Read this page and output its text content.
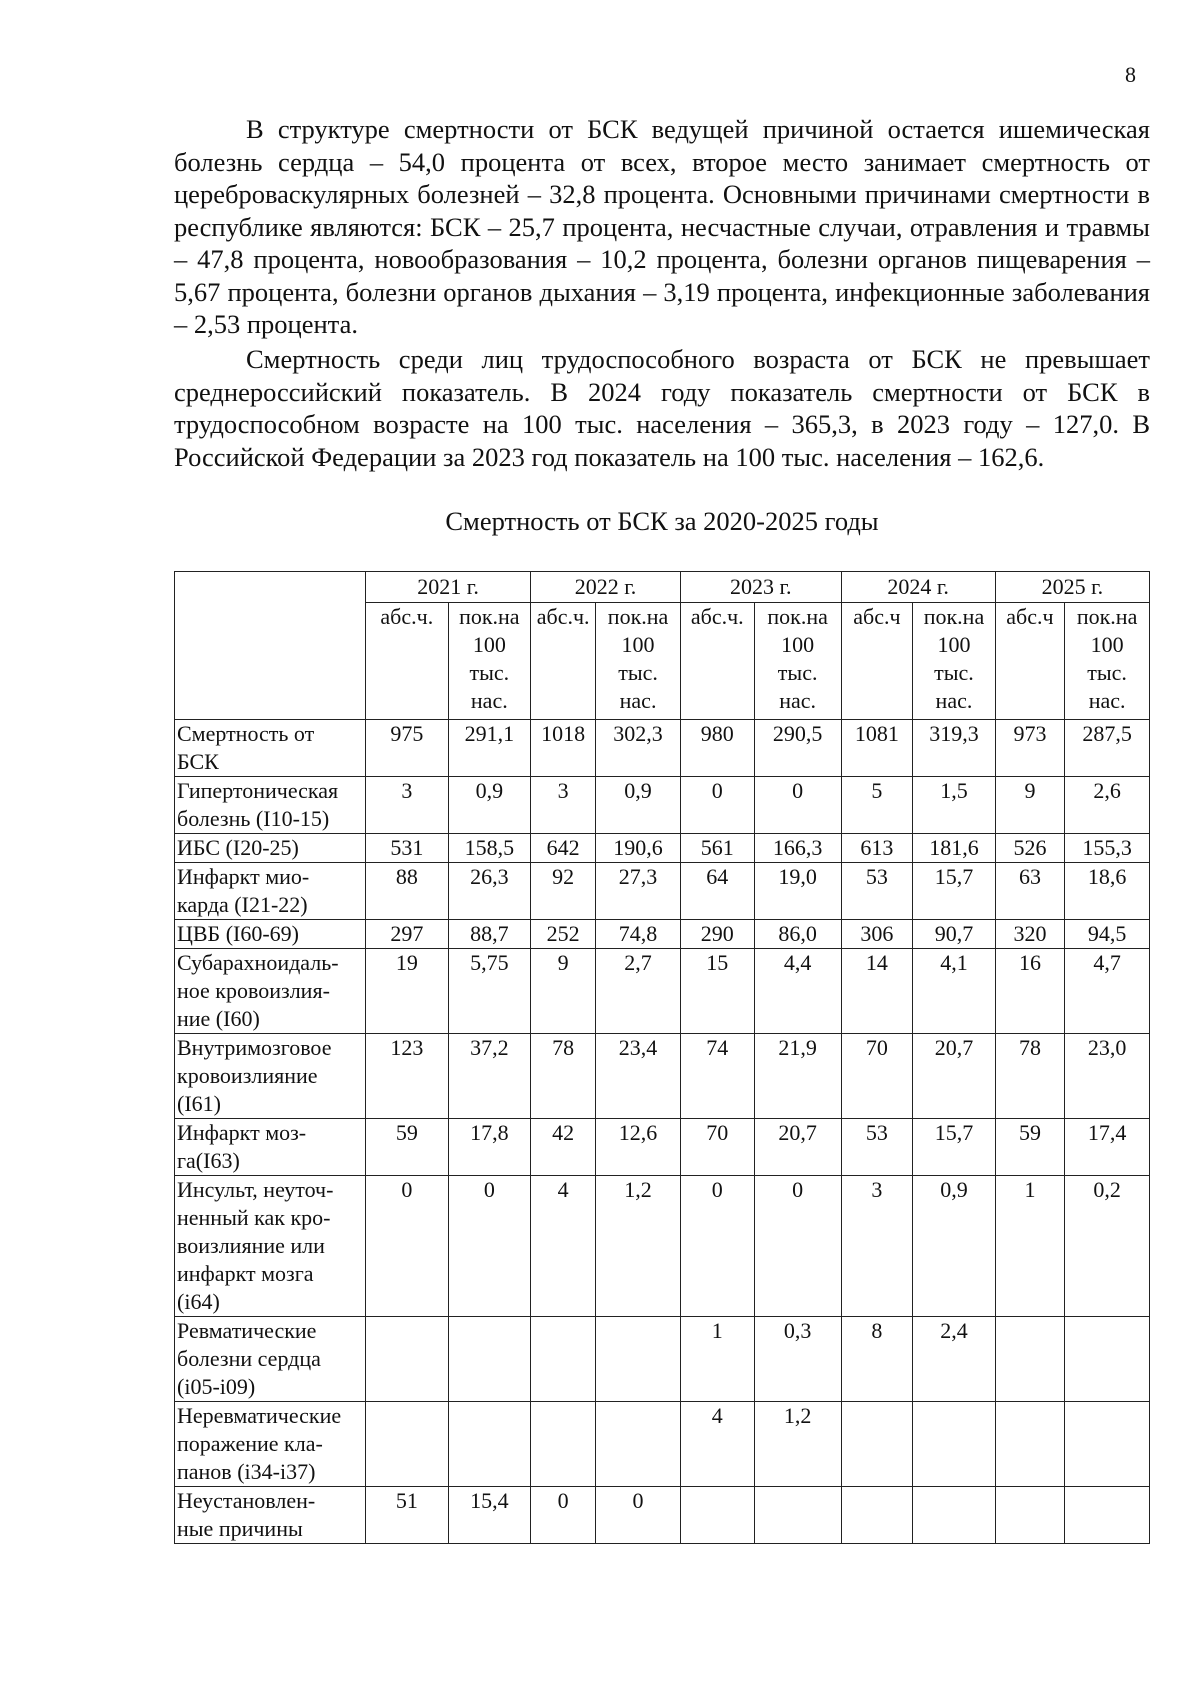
8

В структуре смертности от БСК ведущей причиной остается ишемическая болезнь сердца – 54,0 процента от всех, второе место занимает смертность от цереброваскулярных болезней – 32,8 процента. Основными причинами смертности в республике являются: БСК – 25,7 процента, несчастные случаи, отравления и травмы – 47,8 процента, новообразования – 10,2 процента, болезни органов пищеварения – 5,67 процента, болезни органов дыхания – 3,19 процента, инфекционные заболевания – 2,53 процента.

Смертность среди лиц трудоспособного возраста от БСК не превышает среднероссийский показатель. В 2024 году показатель смертности от БСК в трудоспособном возрасте на 100 тыс. населения – 365,3, в 2023 году – 127,0. В Российской Федерации за 2023 год показатель на 100 тыс. населения – 162,6.

Смертность от БСК за 2020-2025 годы
	2021 г.		2022 г.		2023 г.		2024 г.		2025 г.	
	абс.ч.	пок.на
100
тыс.
нас.	абс.ч.	пок.на
100
тыс.
нас.	абс.ч.	пок.на
100
тыс.
нас.	абс.ч	пок.на
100
тыс.
нас.	абс.ч	пок.на
100
тыс.
нас.
Смертность от
БСК	975	291,1	1018	302,3	980	290,5	1081	319,3	973	287,5
Гипертоническая
болезнь (I10-15)	3	0,9	3	0,9	0	0	5	1,5	9	2,6
ИБС (I20-25)	531	158,5	642	190,6	561	166,3	613	181,6	526	155,3
Инфаркт мио-
карда (I21-22)	88	26,3	92	27,3	64	19,0	53	15,7	63	18,6
ЦВБ (I60-69)	297	88,7	252	74,8	290	86,0	306	90,7	320	94,5
Субарахноидаль-
ное кровоизлия-
ние (I60)	19	5,75	9	2,7	15	4,4	14	4,1	16	4,7
Внутримозговое
кровоизлияние
(I61)	123	37,2	78	23,4	74	21,9	70	20,7	78	23,0
Инфаркт моз-
га(I63)	59	17,8	42	12,6	70	20,7	53	15,7	59	17,4
Инсульт, неуточ-
ненный как кро-
воизлияние или
инфаркт мозга
(i64)	0	0	4	1,2	0	0	3	0,9	1	0,2
Ревматические
болезни сердца
(i05-i09)					1	0,3	8	2,4		
Неревматические
поражение кла-
панов (i34-i37)					4	1,2				
Неустановлен-
ные причины	51	15,4	0	0						
